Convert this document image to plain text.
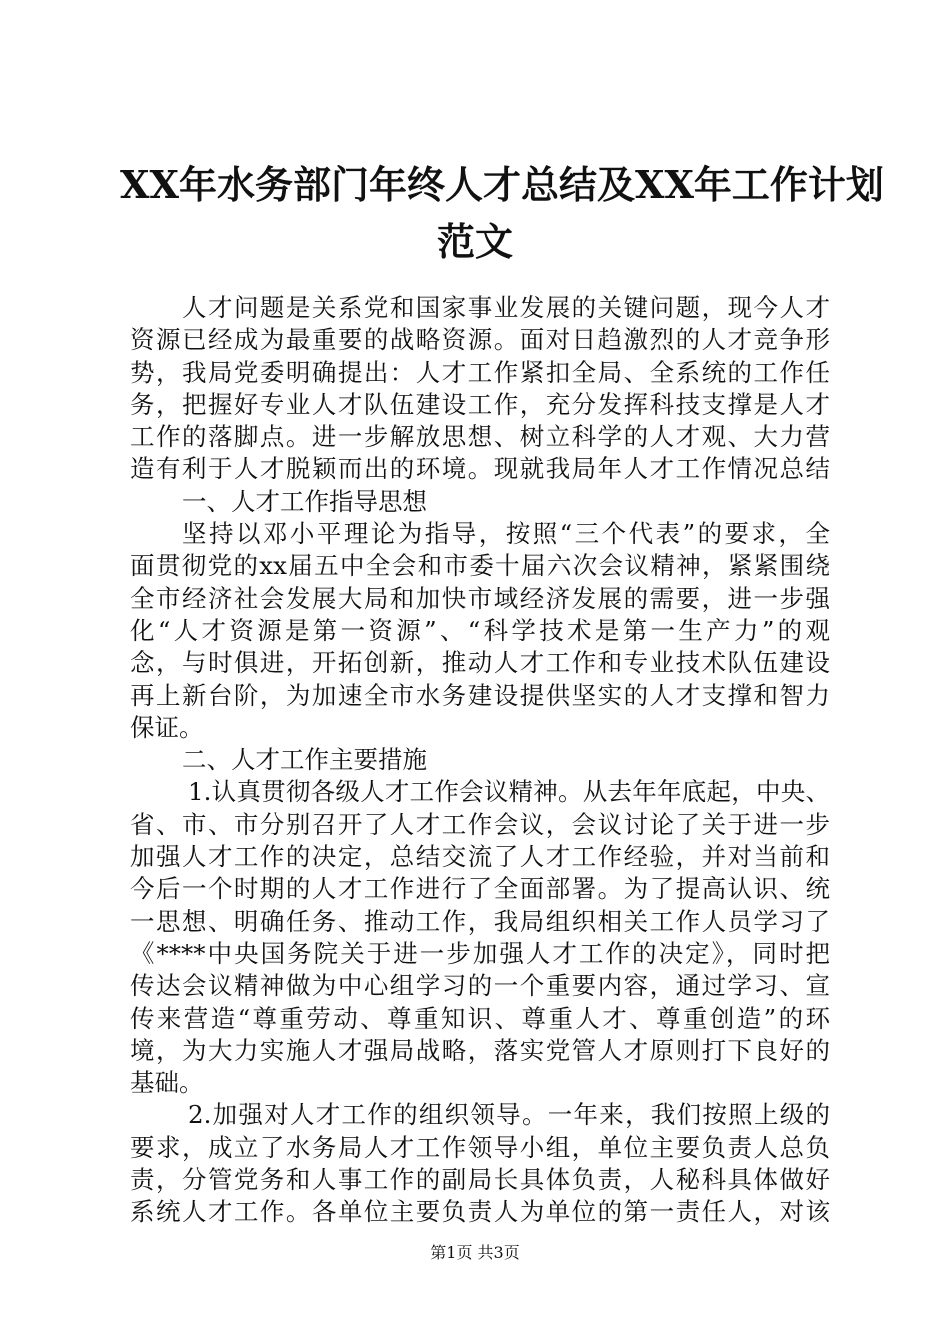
XX年水务部门年终人才总结及XX年工作计划
范文
人才问题是关系党和国家事业发展的关键问题，现今人才
资源已经成为最重要的战略资源。面对日趋激烈的人才竞争形
势，我局党委明确提出：人才工作紧扣全局、全系统的工作任
务，把握好专业人才队伍建设工作，充分发挥科技支撑是人才
工作的落脚点。进一步解放思想、树立科学的人才观、大力营
造有利于人才脱颖而出的环境。现就我局年人才工作情况总结
一、人才工作指导思想
坚持以邓小平理论为指导，按照“三个代表”的要求，全
面贯彻党的xx届五中全会和市委十届六次会议精神，紧紧围绕
全市经济社会发展大局和加快市域经济发展的需要，进一步强
化“人才资源是第一资源”、“科学技术是第一生产力”的观
念，与时俱进，开拓创新，推动人才工作和专业技术队伍建设
再上新台阶，为加速全市水务建设提供坚实的人才支撑和智力
保证。
二、人才工作主要措施
1.认真贯彻各级人才工作会议精神。从去年年底起，中央、
省、市、市分别召开了人才工作会议，会议讨论了关于进一步
加强人才工作的决定，总结交流了人才工作经验，并对当前和
今后一个时期的人才工作进行了全面部署。为了提高认识、统
一思想、明确任务、推动工作，我局组织相关工作人员学习了
《****中央国务院关于进一步加强人才工作的决定》，同时把
传达会议精神做为中心组学习的一个重要内容，通过学习、宣
传来营造“尊重劳动、尊重知识、尊重人才、尊重创造”的环
境，为大力实施人才强局战略，落实党管人才原则打下良好的
基础。
2.加强对人才工作的组织领导。一年来，我们按照上级的
要求，成立了水务局人才工作领导小组，单位主要负责人总负
责，分管党务和人事工作的副局长具体负责，人秘科具体做好
系统人才工作。各单位主要负责人为单位的第一责任人，对该
第1页 共3页
